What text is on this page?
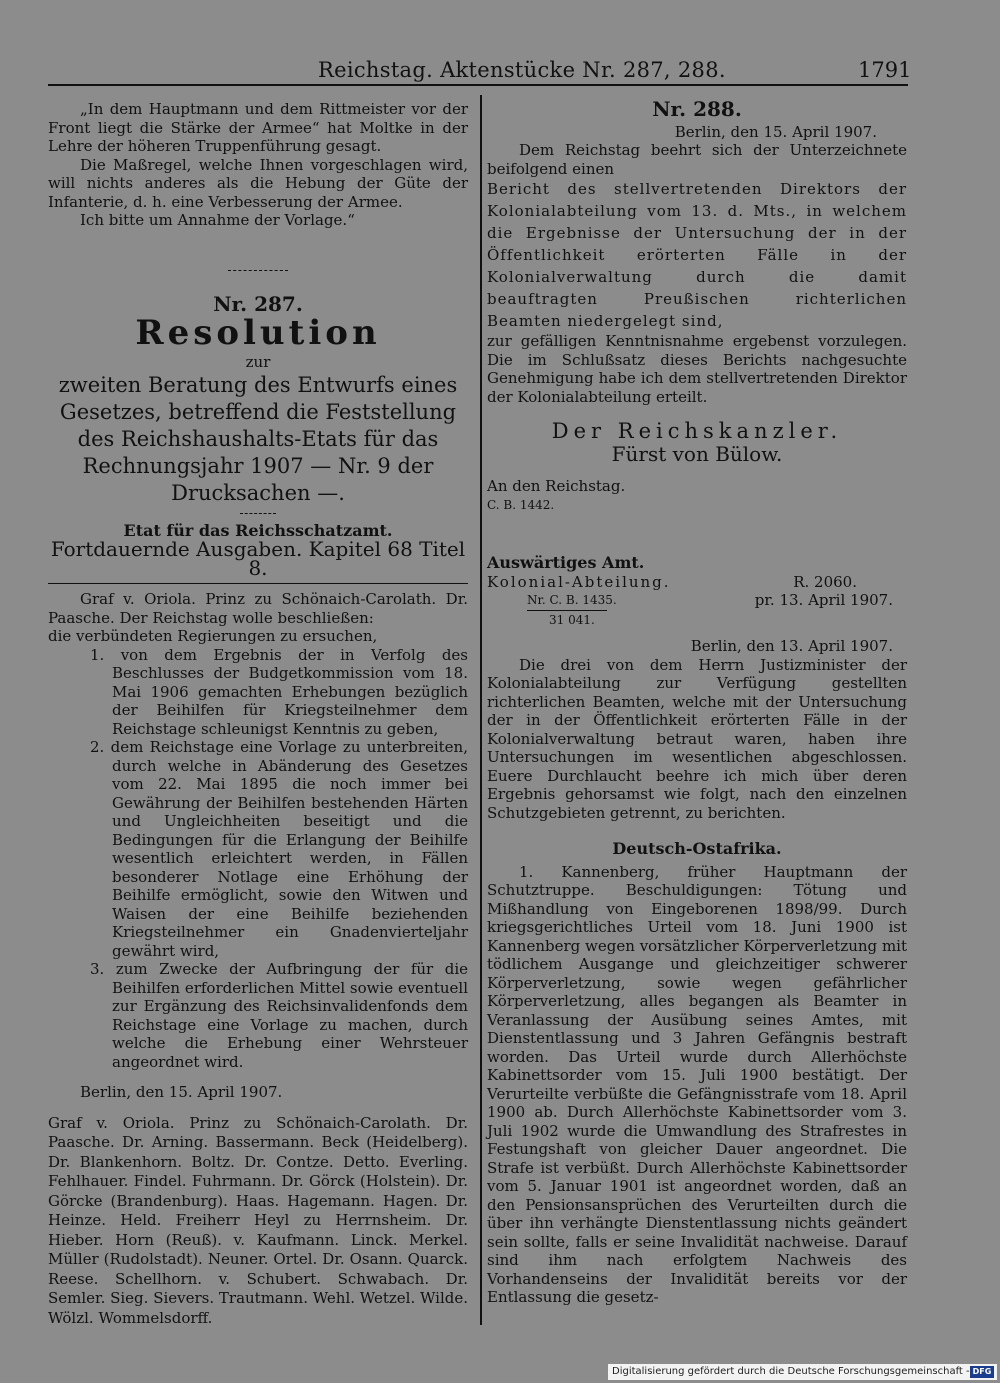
Reichstag. Aktenstücke Nr. 287, 288.	1791

„In dem Hauptmann und dem Rittmeister vor der Front liegt die Stärke der Armee“ hat Moltke in der Lehre der höheren Truppenführung gesagt.

Die Maßregel, welche Ihnen vorgeschlagen wird, will nichts anderes als die Hebung der Güte der Infanterie, d. h. eine Verbesserung der Armee.

Ich bitte um Annahme der Vorlage.“

Nr. 287.
Resolution
zur
zweiten Beratung des Entwurfs eines Gesetzes, betreffend die Feststellung des Reichshaushalts-Etats für das Rechnungsjahr 1907 — Nr. 9 der Drucksachen —.
Etat für das Reichsschatzamt.
Fortdauernde Ausgaben. Kapitel 68 Titel 8.

Graf v. Oriola. Prinz zu Schönaich-Carolath. Dr. Paasche. Der Reichstag wolle beschließen:

die verbündeten Regierungen zu ersuchen,

1. von dem Ergebnis der in Verfolg des Beschlusses der Budgetkommission vom 18. Mai 1906 gemachten Erhebungen bezüglich der Beihilfen für Kriegsteilnehmer dem Reichstage schleunigst Kenntnis zu geben,
2. dem Reichstage eine Vorlage zu unterbreiten, durch welche in Abänderung des Gesetzes vom 22. Mai 1895 die noch immer bei Gewährung der Beihilfen bestehenden Härten und Ungleichheiten beseitigt und die Bedingungen für die Erlangung der Beihilfe wesentlich erleichtert werden, in Fällen besonderer Notlage eine Erhöhung der Beihilfe ermöglicht, sowie den Witwen und Waisen der eine Beihilfe beziehenden Kriegsteilnehmer ein Gnadenvierteljahr gewährt wird,
3. zum Zwecke der Aufbringung der für die Beihilfen erforderlichen Mittel sowie eventuell zur Ergänzung des Reichsinvalidenfonds dem Reichstage eine Vorlage zu machen, durch welche die Erhebung einer Wehrsteuer angeordnet wird.

Berlin, den 15. April 1907.

Graf v. Oriola. Prinz zu Schönaich-Carolath. Dr. Paasche. Dr. Arning. Bassermann. Beck (Heidelberg). Dr. Blankenhorn. Boltz. Dr. Contze. Detto. Everling. Fehlhauer. Findel. Fuhrmann. Dr. Görck (Holstein). Dr. Görcke (Brandenburg). Haas. Hagemann. Hagen. Dr. Heinze. Held. Freiherr Heyl zu Herrnsheim. Dr. Hieber. Horn (Reuß). v. Kaufmann. Linck. Merkel. Müller (Rudolstadt). Neuner. Ortel. Dr. Osann. Quarck. Reese. Schellhorn. v. Schubert. Schwabach. Dr. Semler. Sieg. Sievers. Trautmann. Wehl. Wetzel. Wilde. Wölzl. Wommelsdorff.

Nr. 288.

Berlin, den 15. April 1907.

Dem Reichstag beehrt sich der Unterzeichnete beifolgend einen

Bericht des stellvertretenden Direktors der Kolonialabteilung vom 13. d. Mts., in welchem die Ergebnisse der Untersuchung der in der Öffentlichkeit erörterten Fälle in der Kolonialverwaltung durch die damit beauftragten Preußischen richterlichen Beamten niedergelegt sind,

zur gefälligen Kenntnisnahme ergebenst vorzulegen. Die im Schlußsatz dieses Berichts nachgesuchte Genehmigung habe ich dem stellvertretenden Direktor der Kolonialabteilung erteilt.

Der Reichskanzler.
Fürst von Bülow.

An den Reichstag.

C. B. 1442.

Auswärtiges Amt.

Kolonial-Abteilung.	R. 2060.
Nr. C. B. 1435.	pr. 13. April 1907.

31 041.

Berlin, den 13. April 1907.

Die drei von dem Herrn Justizminister der Kolonialabteilung zur Verfügung gestellten richterlichen Beamten, welche mit der Untersuchung der in der Öffentlichkeit erörterten Fälle in der Kolonialverwaltung betraut waren, haben ihre Untersuchungen im wesentlichen abgeschlossen. Euere Durchlaucht beehre ich mich über deren Ergebnis gehorsamst wie folgt, nach den einzelnen Schutzgebieten getrennt, zu berichten.

Deutsch-Ostafrika.

1. Kannenberg, früher Hauptmann der Schutztruppe. Beschuldigungen: Tötung und Mißhandlung von Eingeborenen 1898/99. Durch kriegsgerichtliches Urteil vom 18. Juni 1900 ist Kannenberg wegen vorsätzlicher Körperverletzung mit tödlichem Ausgange und gleichzeitiger schwerer Körperverletzung, sowie wegen gefährlicher Körperverletzung, alles begangen als Beamter in Veranlassung der Ausübung seines Amtes, mit Dienstentlassung und 3 Jahren Gefängnis bestraft worden. Das Urteil wurde durch Allerhöchste Kabinettsorder vom 15. Juli 1900 bestätigt. Der Verurteilte verbüßte die Gefängnisstrafe vom 18. April 1900 ab. Durch Allerhöchste Kabinettsorder vom 3. Juli 1902 wurde die Umwandlung des Strafrestes in Festungshaft von gleicher Dauer angeordnet. Die Strafe ist verbüßt. Durch Allerhöchste Kabinettsorder vom 5. Januar 1901 ist angeordnet worden, daß an den Pensionsansprüchen des Verurteilten durch die über ihn verhängte Dienstentlassung nichts geändert sein sollte, falls er seine Invalidität nachweise. Darauf sind ihm nach erfolgtem Nachweis des Vorhandenseins der Invalidität bereits vor der Entlassung die gesetz-

Digitalisierung gefördert durch die Deutsche Forschungsgemeinschaft - DFG
